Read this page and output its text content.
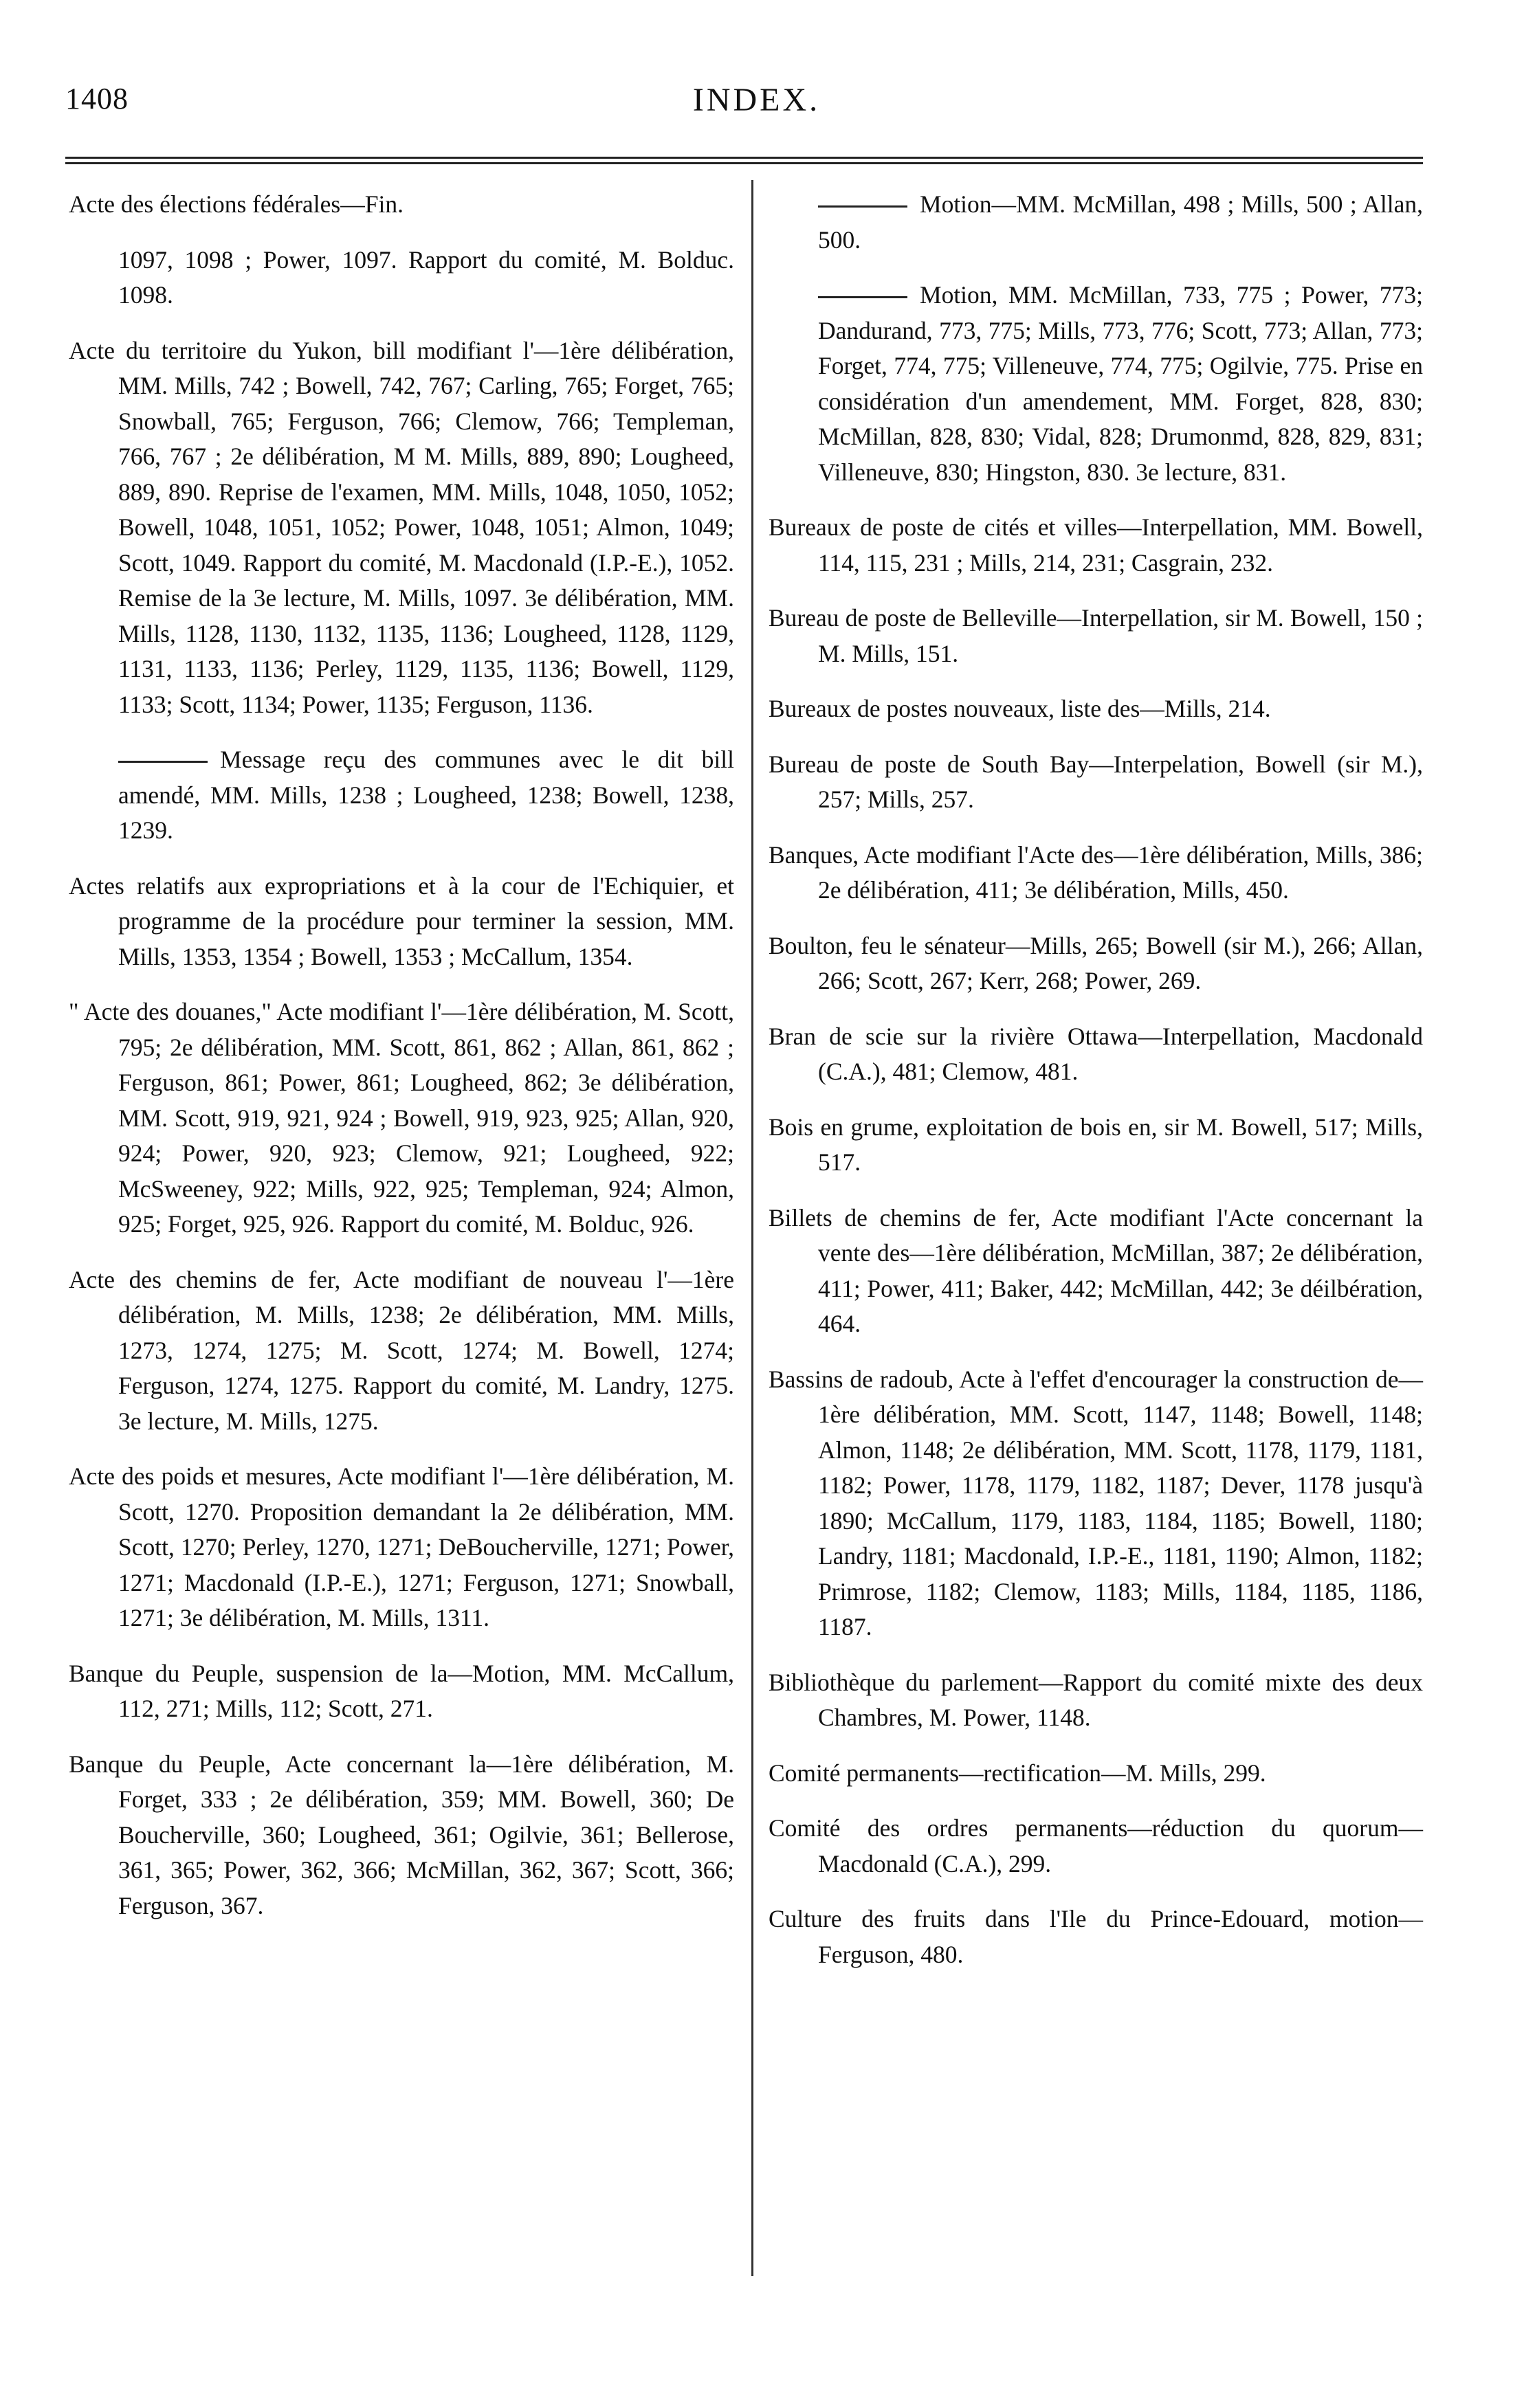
1408	INDEX.
Acte des élections fédérales—Fin.
1097, 1098 ; Power, 1097. Rapport du comité, M. Bolduc. 1098.
Acte du territoire du Yukon, bill modifiant l'—1ère délibération, MM. Mills, 742 ; Bowell, 742, 767; Carling, 765; Forget, 765; Snowball, 765; Ferguson, 766; Clemow, 766; Templeman, 766, 767 ; 2e délibération, M M. Mills, 889, 890; Lougheed, 889, 890. Reprise de l'examen, MM. Mills, 1048, 1050, 1052; Bowell, 1048, 1051, 1052; Power, 1048, 1051; Almon, 1049; Scott, 1049. Rapport du comité, M. Macdonald (I.P.-E.), 1052. Remise de la 3e lecture, M. Mills, 1097. 3e délibération, MM. Mills, 1128, 1130, 1132, 1135, 1136; Lougheed, 1128, 1129, 1131, 1133, 1136; Perley, 1129, 1135, 1136; Bowell, 1129, 1133; Scott, 1134; Power, 1135; Ferguson, 1136.
Message reçu des communes avec le dit bill amendé, MM. Mills, 1238 ; Lougheed, 1238; Bowell, 1238, 1239.
Actes relatifs aux expropriations et à la cour de l'Echiquier, et programme de la procédure pour terminer la session, MM. Mills, 1353, 1354 ; Bowell, 1353 ; McCallum, 1354.
" Acte des douanes," Acte modifiant l'—1ère délibération, M. Scott, 795; 2e délibération, MM. Scott, 861, 862 ; Allan, 861, 862 ; Ferguson, 861; Power, 861; Lougheed, 862; 3e délibération, MM. Scott, 919, 921, 924 ; Bowell, 919, 923, 925; Allan, 920, 924; Power, 920, 923; Clemow, 921; Lougheed, 922; McSweeney, 922; Mills, 922, 925; Templeman, 924; Almon, 925; Forget, 925, 926. Rapport du comité, M. Bolduc, 926.
Acte des chemins de fer, Acte modifiant de nouveau l'—1ère délibération, M. Mills, 1238; 2e délibération, MM. Mills, 1273, 1274, 1275; M. Scott, 1274; M. Bowell, 1274; Ferguson, 1274, 1275. Rapport du comité, M. Landry, 1275. 3e lecture, M. Mills, 1275.
Acte des poids et mesures, Acte modifiant l'—1ère délibération, M. Scott, 1270. Proposition demandant la 2e délibération, MM. Scott, 1270; Perley, 1270, 1271; DeBoucherville, 1271; Power, 1271; Macdonald (I.P.-E.), 1271; Ferguson, 1271; Snowball, 1271; 3e délibération, M. Mills, 1311.
Banque du Peuple, suspension de la—Motion, MM. McCallum, 112, 271; Mills, 112; Scott, 271.
Banque du Peuple, Acte concernant la—1ère délibération, M. Forget, 333 ; 2e délibération, 359; MM. Bowell, 360; De Boucherville, 360; Lougheed, 361; Ogilvie, 361; Bellerose, 361, 365; Power, 362, 366; McMillan, 362, 367; Scott, 366; Ferguson, 367.
Motion—MM. McMillan, 498 ; Mills, 500 ; Allan, 500.
Motion, MM. McMillan, 733, 775 ; Power, 773; Dandurand, 773, 775; Mills, 773, 776; Scott, 773; Allan, 773; Forget, 774, 775; Villeneuve, 774, 775; Ogilvie, 775. Prise en considération d'un amendement, MM. Forget, 828, 830; McMillan, 828, 830; Vidal, 828; Drumonmd, 828, 829, 831; Villeneuve, 830; Hingston, 830. 3e lecture, 831.
Bureaux de poste de cités et villes—Interpellation, MM. Bowell, 114, 115, 231 ; Mills, 214, 231; Casgrain, 232.
Bureau de poste de Belleville—Interpellation, sir M. Bowell, 150 ; M. Mills, 151.
Bureaux de postes nouveaux, liste des—Mills, 214.
Bureau de poste de South Bay—Interpelation, Bowell (sir M.), 257; Mills, 257.
Banques, Acte modifiant l'Acte des—1ère délibération, Mills, 386; 2e délibération, 411; 3e délibération, Mills, 450.
Boulton, feu le sénateur—Mills, 265; Bowell (sir M.), 266; Allan, 266; Scott, 267; Kerr, 268; Power, 269.
Bran de scie sur la rivière Ottawa—Interpellation, Macdonald (C.A.), 481; Clemow, 481.
Bois en grume, exploitation de bois en, sir M. Bowell, 517; Mills, 517.
Billets de chemins de fer, Acte modifiant l'Acte concernant la vente des—1ère délibération, McMillan, 387; 2e délibération, 411; Power, 411; Baker, 442; McMillan, 442; 3e déilbération, 464.
Bassins de radoub, Acte à l'effet d'encourager la construction de—1ère délibération, MM. Scott, 1147, 1148; Bowell, 1148; Almon, 1148; 2e délibération, MM. Scott, 1178, 1179, 1181, 1182; Power, 1178, 1179, 1182, 1187; Dever, 1178 jusqu'à 1890; McCallum, 1179, 1183, 1184, 1185; Bowell, 1180; Landry, 1181; Macdonald, I.P.-E., 1181, 1190; Almon, 1182; Primrose, 1182; Clemow, 1183; Mills, 1184, 1185, 1186, 1187.
Bibliothèque du parlement—Rapport du comité mixte des deux Chambres, M. Power, 1148.
Comité permanents—rectification—M. Mills, 299.
Comité des ordres permanents—réduction du quorum—Macdonald (C.A.), 299.
Culture des fruits dans l'Ile du Prince-Edouard, motion—Ferguson, 480.
